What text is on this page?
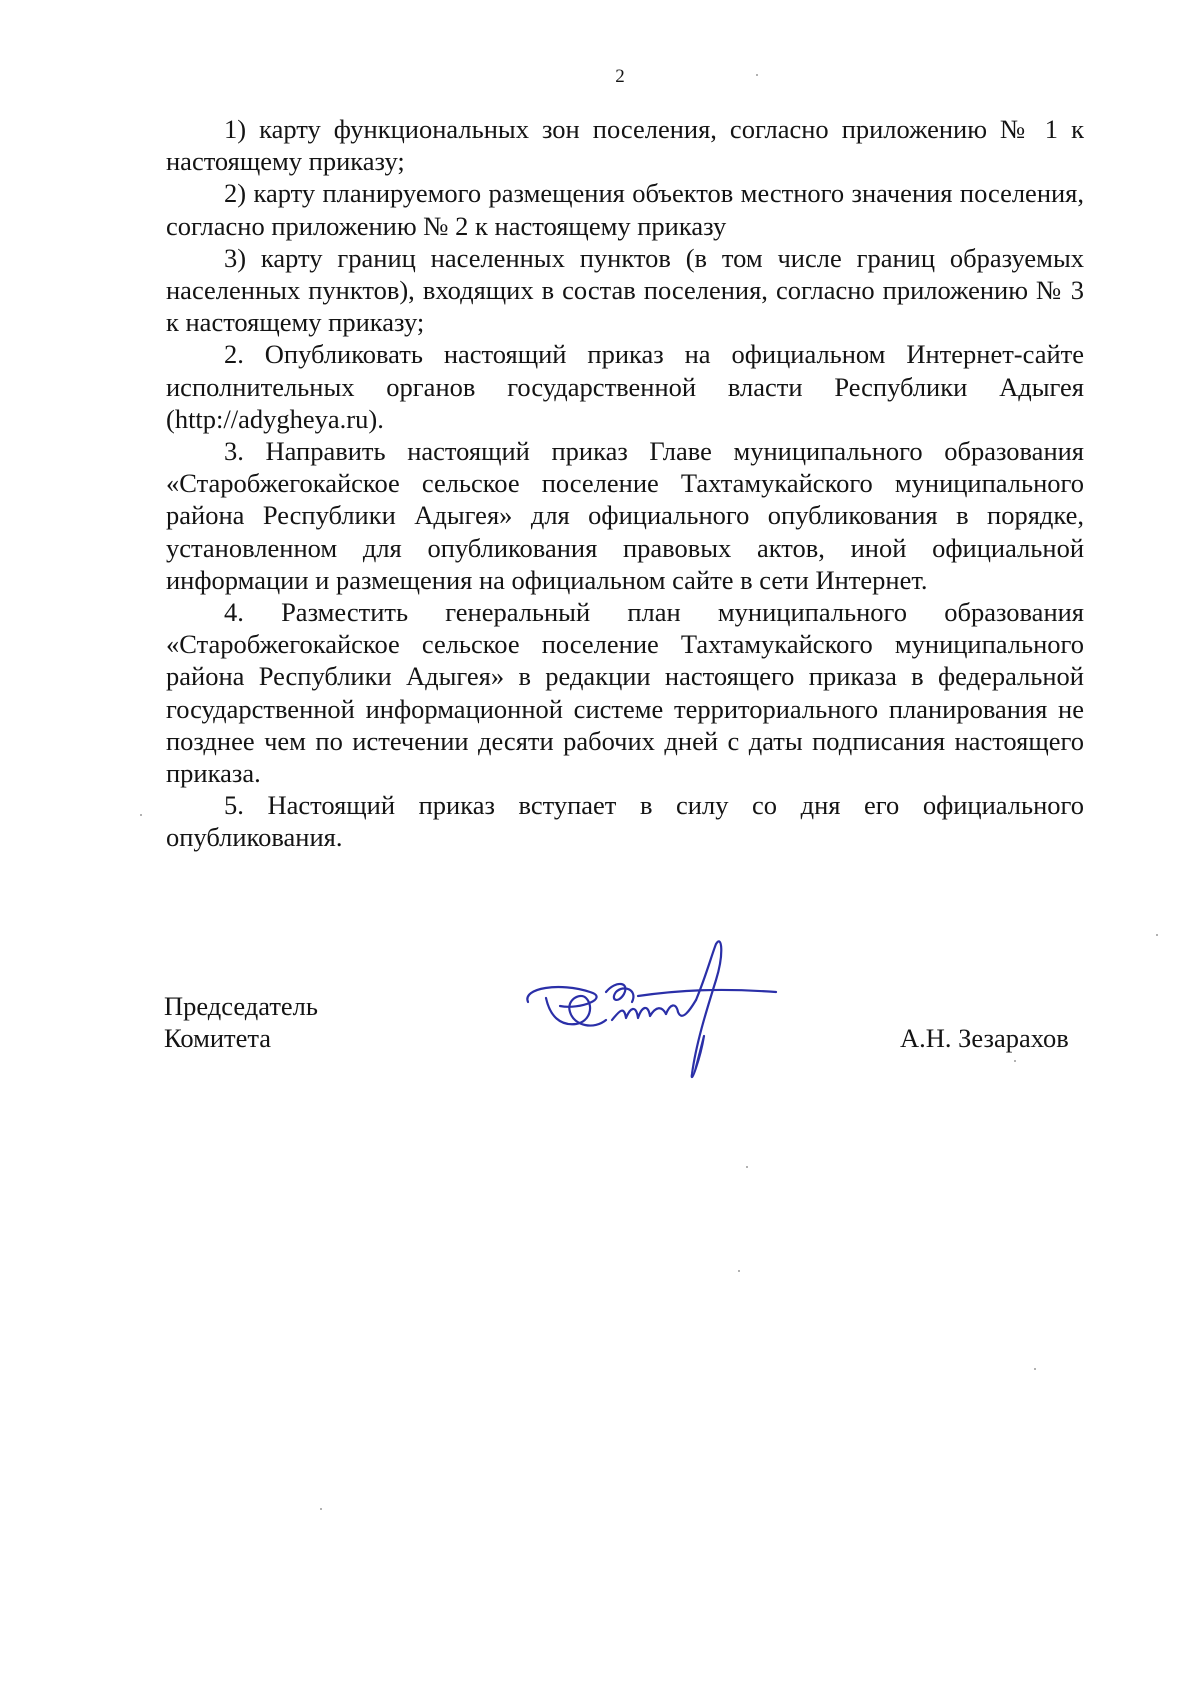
2

1) карту функциональных зон поселения, согласно приложению № 1 к настоящему приказу;

2) карту планируемого размещения объектов местного значения поселения, согласно приложению № 2 к настоящему приказу

3) карту границ населенных пунктов (в том числе границ образуемых населенных пунктов), входящих в состав поселения, согласно приложению № 3 к настоящему приказу;

2. Опубликовать настоящий приказ на официальном Интернет-сайте исполнительных органов государственной власти Республики Адыгея (http://adygheya.ru).

3. Направить настоящий приказ Главе муниципального образования «Старобжегокайское сельское поселение Тахтамукайского муниципального района Республики Адыгея» для официального опубликования в порядке, установленном для опубликования правовых актов, иной официальной информации и размещения на официальном сайте в сети Интернет.

4. Разместить генеральный план муниципального образования «Старобжегокайское сельское поселение Тахтамукайского муниципального района Республики Адыгея» в редакции настоящего приказа в федеральной государственной информационной системе территориального планирования не позднее чем по истечении десяти рабочих дней с даты подписания настоящего приказа.

5. Настоящий приказ вступает в силу со дня его официального опубликования.

Председатель
Комитета	А.Н. Зезарахов
